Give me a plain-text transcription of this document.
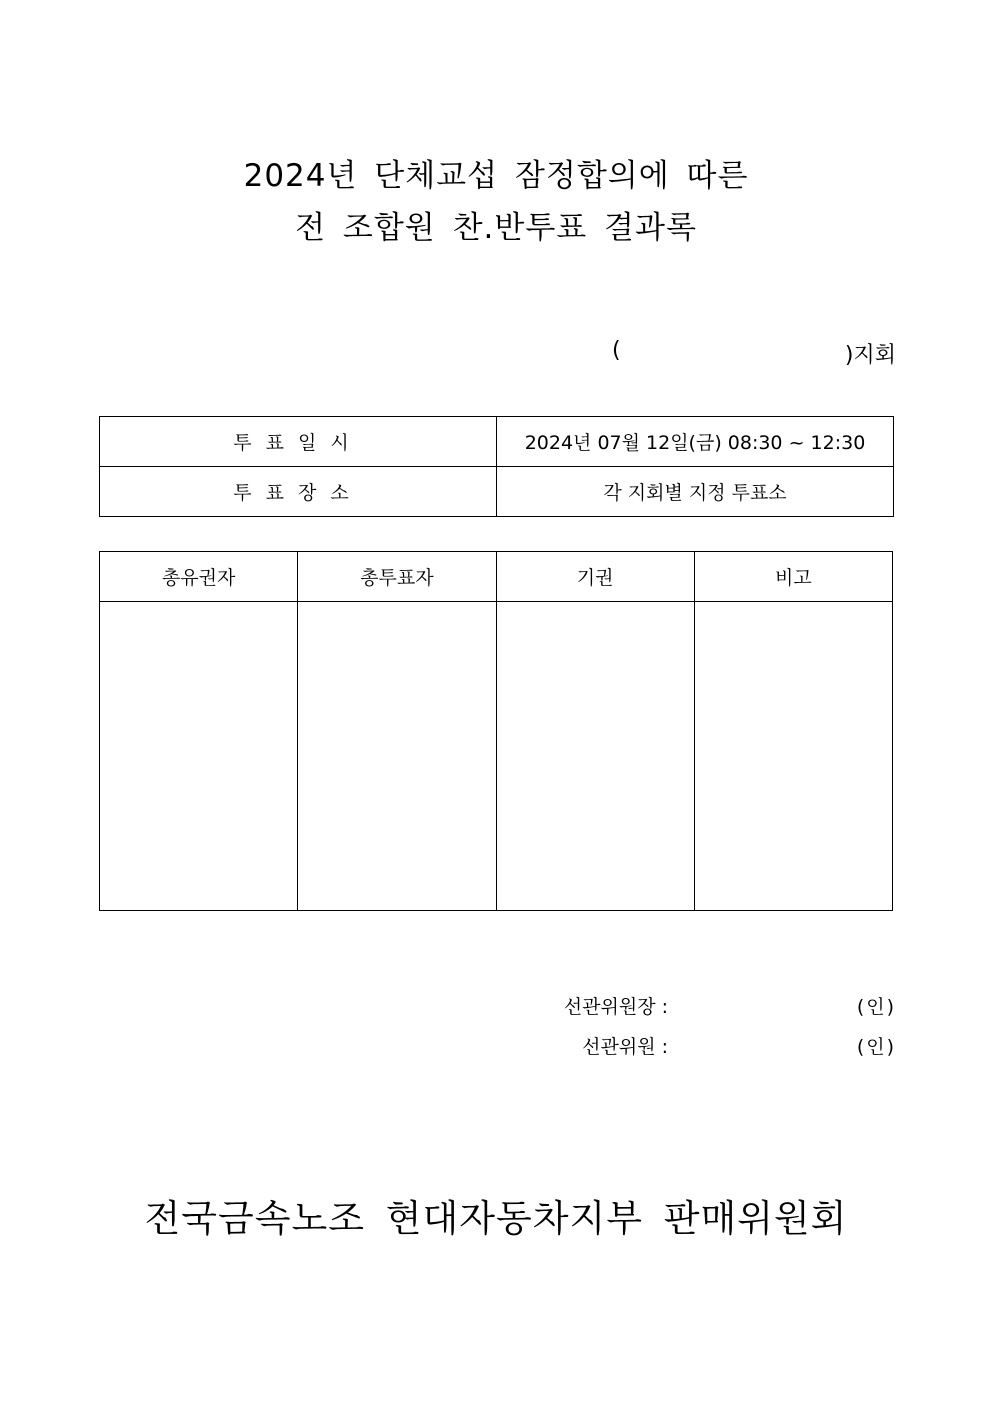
2024년 단체교섭 잠정합의에 따른
전 조합원 찬.반투표 결과록
(	)지회
투표일시	2024년 07월 12일(금) 08:30 ~ 12:30
투표장소	각 지회별 지정 투표소
총유권자	총투표자	기권	비고

선관위원장 :	(인)
선관위원 :	(인)
전국금속노조 현대자동차지부 판매위원회
